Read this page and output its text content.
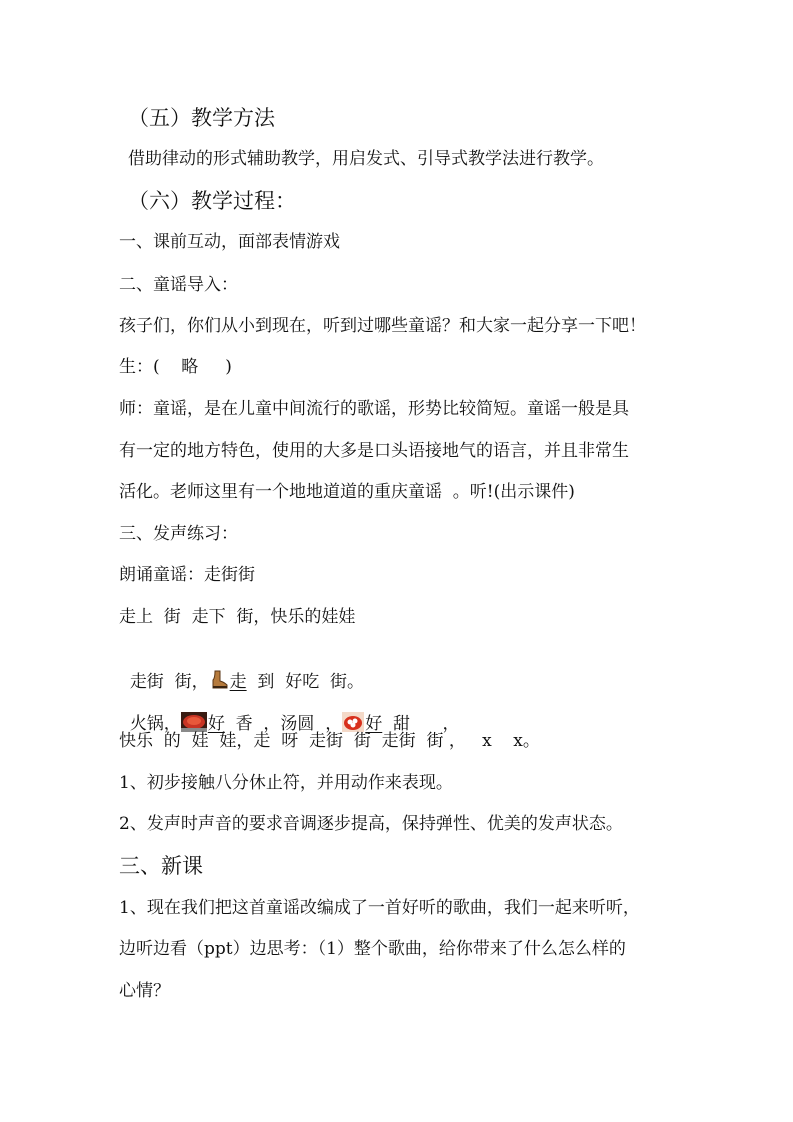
（五）教学方法
借助律动的形式辅助教学，用启发式、引导式教学法进行教学。
（六）教学过程：
一、课前互动，面部表情游戏
二、童谣导入：
孩子们，你们从小到现在，听到过哪些童谣？和大家一起分享一下吧！
生：(    略     )
师：童谣，是在儿童中间流行的歌谣，形势比较简短。童谣一般是具
有一定的地方特色，使用的大多是口头语接地气的语言，并且非常生
活化。老师这里有一个地地道道的重庆童谣  。听!(出示课件)
三、发声练习：
朗诵童谣：走街街
走上  街  走下  街，快乐的娃娃

走街  街， 走  到  好吃  街。

火锅， 好  香  ，汤圆  ， 好  甜      ，

快乐  的  娃  娃，走  呀  走街  街  走街  街 ，   x    x。
1、初步接触八分休止符，并用动作来表现。
2、发声时声音的要求音调逐步提高，保持弹性、优美的发声状态。
三、新课
1、现在我们把这首童谣改编成了一首好听的歌曲，我们一起来听听，
边听边看（ppt）边思考：（1）整个歌曲，给你带来了什么怎么样的
心情？
